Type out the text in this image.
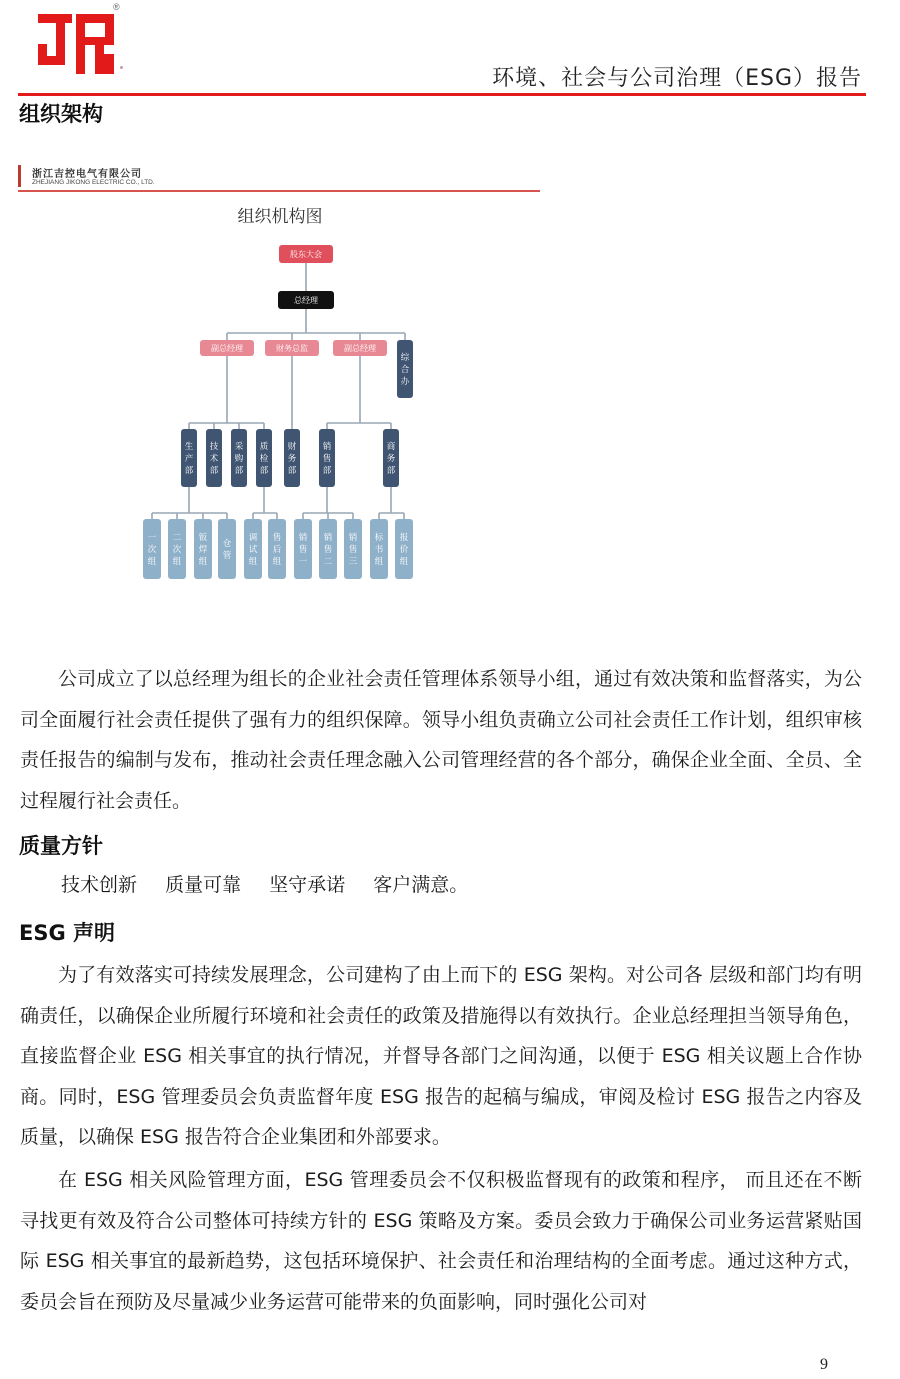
®
环境、社会与公司治理（ESG）报告
组织架构
浙江吉控电气有限公司
ZHEJIANG JIKONG ELECTRIC CO., LTD.
组织机构图
股东大会
总经理
副总经理	财务总监	副总经理
综
合
办
生
产
部
技
术
部
采
购
部
质
检
部
财
务
部
销
售
部
商
务
部
一
次
组
二
次
组
钣
焊
组
仓
管
调
试
组
售
后
组
销
售
一
销
售
二
销
售
三
标
书
组
报
价
组

公司成立了以总经理为组长的企业社会责任管理体系领导小组，通过有效决策和监督落实，为公司全面履行社会责任提供了强有力的组织保障。领导小组负责确立公司社会责任工作计划，组织审核责任报告的编制与发布，推动社会责任理念融入公司管理经营的各个部分，确保企业全面、全员、全过程履行社会责任。

质量方针
技术创新 质量可靠 坚守承诺 客户满意。
ESG 声明

为了有效落实可持续发展理念，公司建构了由上而下的 ESG 架构。对公司各 层级和部门均有明确责任，以确保企业所履行环境和社会责任的政策及措施得以有效执行。企业总经理担当领导角色，直接监督企业 ESG 相关事宜的执行情况，并督导各部门之间沟通，以便于 ESG 相关议题上合作协商。同时，ESG 管理委员会负责监督年度 ESG 报告的起稿与编成，审阅及检讨 ESG 报告之内容及质量，以确保 ESG 报告符合企业集团和外部要求。

在 ESG 相关风险管理方面，ESG 管理委员会不仅积极监督现有的政策和程序， 而且还在不断寻找更有效及符合公司整体可持续方针的 ESG 策略及方案。委员会致力于确保公司业务运营紧贴国际 ESG 相关事宜的最新趋势，这包括环境保护、社会责任和治理结构的全面考虑。通过这种方式，委员会旨在预防及尽量减少业务运营可能带来的负面影响，同时强化公司对

9
